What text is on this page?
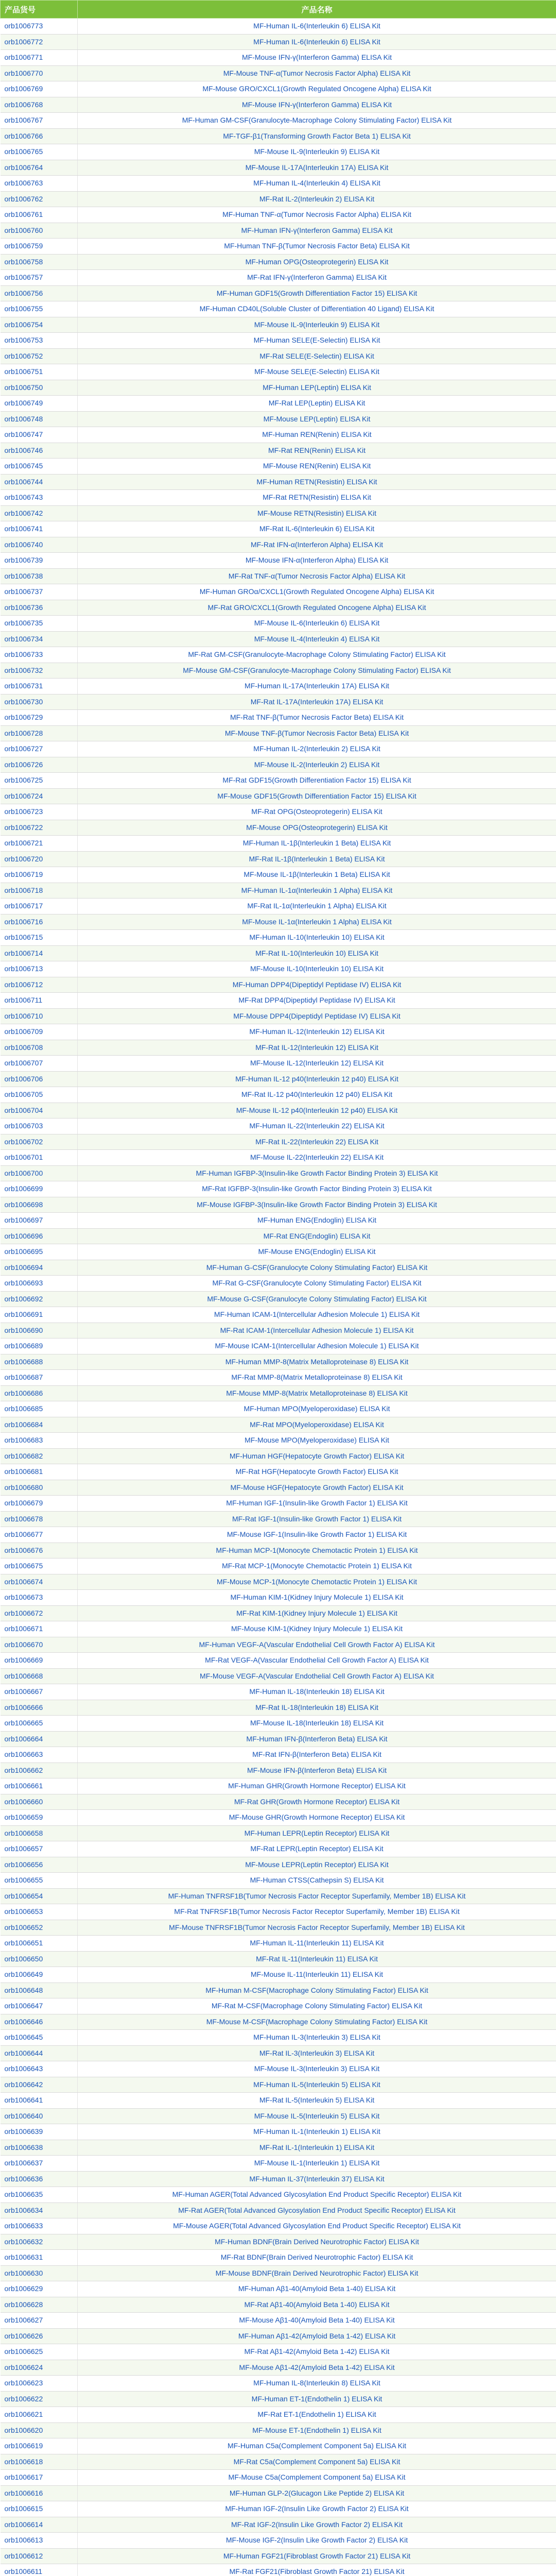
产品货号	产品名称
orb1006773	MF-Human IL-6(Interleukin 6) ELISA Kit
orb1006772	MF-Human IL-6(Interleukin 6) ELISA Kit
orb1006771	MF-Mouse IFN-γ(Interferon Gamma) ELISA Kit
orb1006770	MF-Mouse TNF-α(Tumor Necrosis Factor Alpha) ELISA Kit
orb1006769	MF-Mouse GRO/CXCL1(Growth Regulated Oncogene Alpha) ELISA Kit
orb1006768	MF-Mouse IFN-γ(Interferon Gamma) ELISA Kit
orb1006767	MF-Human GM-CSF(Granulocyte-Macrophage Colony Stimulating Factor) ELISA Kit
orb1006766	MF-TGF-β1(Transforming Growth Factor Beta 1) ELISA Kit
orb1006765	MF-Mouse IL-9(Interleukin 9) ELISA Kit
orb1006764	MF-Mouse IL-17A(Interleukin 17A) ELISA Kit
orb1006763	MF-Human IL-4(Interleukin 4) ELISA Kit
orb1006762	MF-Rat IL-2(Interleukin 2) ELISA Kit
orb1006761	MF-Human TNF-α(Tumor Necrosis Factor Alpha) ELISA Kit
orb1006760	MF-Human IFN-γ(Interferon Gamma) ELISA Kit
orb1006759	MF-Human TNF-β(Tumor Necrosis Factor Beta) ELISA Kit
orb1006758	MF-Human OPG(Osteoprotegerin) ELISA Kit
orb1006757	MF-Rat IFN-γ(Interferon Gamma) ELISA Kit
orb1006756	MF-Human GDF15(Growth Differentiation Factor 15) ELISA Kit
orb1006755	MF-Human CD40L(Soluble Cluster of Differentiation 40 Ligand) ELISA Kit
orb1006754	MF-Mouse IL-9(Interleukin 9) ELISA Kit
orb1006753	MF-Human SELE(E-Selectin) ELISA Kit
orb1006752	MF-Rat SELE(E-Selectin) ELISA Kit
orb1006751	MF-Mouse SELE(E-Selectin) ELISA Kit
orb1006750	MF-Human LEP(Leptin) ELISA Kit
orb1006749	MF-Rat LEP(Leptin) ELISA Kit
orb1006748	MF-Mouse LEP(Leptin) ELISA Kit
orb1006747	MF-Human REN(Renin) ELISA Kit
orb1006746	MF-Rat REN(Renin) ELISA Kit
orb1006745	MF-Mouse REN(Renin) ELISA Kit
orb1006744	MF-Human RETN(Resistin) ELISA Kit
orb1006743	MF-Rat RETN(Resistin) ELISA Kit
orb1006742	MF-Mouse RETN(Resistin) ELISA Kit
orb1006741	MF-Rat IL-6(Interleukin 6) ELISA Kit
orb1006740	MF-Rat IFN-α(Interferon Alpha) ELISA Kit
orb1006739	MF-Mouse IFN-α(Interferon Alpha) ELISA Kit
orb1006738	MF-Rat TNF-α(Tumor Necrosis Factor Alpha) ELISA Kit
orb1006737	MF-Human GROα/CXCL1(Growth Regulated Oncogene Alpha) ELISA Kit
orb1006736	MF-Rat GRO/CXCL1(Growth Regulated Oncogene Alpha) ELISA Kit
orb1006735	MF-Mouse IL-6(Interleukin 6) ELISA Kit
orb1006734	MF-Mouse IL-4(Interleukin 4) ELISA Kit
orb1006733	MF-Rat GM-CSF(Granulocyte-Macrophage Colony Stimulating Factor) ELISA Kit
orb1006732	MF-Mouse GM-CSF(Granulocyte-Macrophage Colony Stimulating Factor) ELISA Kit
orb1006731	MF-Human IL-17A(Interleukin 17A) ELISA Kit
orb1006730	MF-Rat IL-17A(Interleukin 17A) ELISA Kit
orb1006729	MF-Rat TNF-β(Tumor Necrosis Factor Beta) ELISA Kit
orb1006728	MF-Mouse TNF-β(Tumor Necrosis Factor Beta) ELISA Kit
orb1006727	MF-Human IL-2(Interleukin 2) ELISA Kit
orb1006726	MF-Mouse IL-2(Interleukin 2) ELISA Kit
orb1006725	MF-Rat GDF15(Growth Differentiation Factor 15) ELISA Kit
orb1006724	MF-Mouse GDF15(Growth Differentiation Factor 15) ELISA Kit
orb1006723	MF-Rat OPG(Osteoprotegerin) ELISA Kit
orb1006722	MF-Mouse OPG(Osteoprotegerin) ELISA Kit
orb1006721	MF-Human IL-1β(Interleukin 1 Beta) ELISA Kit
orb1006720	MF-Rat IL-1β(Interleukin 1 Beta) ELISA Kit
orb1006719	MF-Mouse IL-1β(Interleukin 1 Beta) ELISA Kit
orb1006718	MF-Human IL-1α(Interleukin 1 Alpha) ELISA Kit
orb1006717	MF-Rat IL-1α(Interleukin 1 Alpha) ELISA Kit
orb1006716	MF-Mouse IL-1α(Interleukin 1 Alpha) ELISA Kit
orb1006715	MF-Human IL-10(Interleukin 10) ELISA Kit
orb1006714	MF-Rat IL-10(Interleukin 10) ELISA Kit
orb1006713	MF-Mouse IL-10(Interleukin 10) ELISA Kit
orb1006712	MF-Human DPP4(Dipeptidyl Peptidase IV) ELISA Kit
orb1006711	MF-Rat DPP4(Dipeptidyl Peptidase IV) ELISA Kit
orb1006710	MF-Mouse DPP4(Dipeptidyl Peptidase IV) ELISA Kit
orb1006709	MF-Human IL-12(Interleukin 12) ELISA Kit
orb1006708	MF-Rat IL-12(Interleukin 12) ELISA Kit
orb1006707	MF-Mouse IL-12(Interleukin 12) ELISA Kit
orb1006706	MF-Human IL-12 p40(Interleukin 12 p40) ELISA Kit
orb1006705	MF-Rat IL-12 p40(Interleukin 12 p40) ELISA Kit
orb1006704	MF-Mouse IL-12 p40(Interleukin 12 p40) ELISA Kit
orb1006703	MF-Human IL-22(Interleukin 22) ELISA Kit
orb1006702	MF-Rat IL-22(Interleukin 22) ELISA Kit
orb1006701	MF-Mouse IL-22(Interleukin 22) ELISA Kit
orb1006700	MF-Human IGFBP-3(Insulin-like Growth Factor Binding Protein 3) ELISA Kit
orb1006699	MF-Rat IGFBP-3(Insulin-like Growth Factor Binding Protein 3) ELISA Kit
orb1006698	MF-Mouse IGFBP-3(Insulin-like Growth Factor Binding Protein 3) ELISA Kit
orb1006697	MF-Human ENG(Endoglin) ELISA Kit
orb1006696	MF-Rat ENG(Endoglin) ELISA Kit
orb1006695	MF-Mouse ENG(Endoglin) ELISA Kit
orb1006694	MF-Human G-CSF(Granulocyte Colony Stimulating Factor) ELISA Kit
orb1006693	MF-Rat G-CSF(Granulocyte Colony Stimulating Factor) ELISA Kit
orb1006692	MF-Mouse G-CSF(Granulocyte Colony Stimulating Factor) ELISA Kit
orb1006691	MF-Human ICAM-1(Intercellular Adhesion Molecule 1) ELISA Kit
orb1006690	MF-Rat ICAM-1(Intercellular Adhesion Molecule 1) ELISA Kit
orb1006689	MF-Mouse ICAM-1(Intercellular Adhesion Molecule 1) ELISA Kit
orb1006688	MF-Human MMP-8(Matrix Metalloproteinase 8) ELISA Kit
orb1006687	MF-Rat MMP-8(Matrix Metalloproteinase 8) ELISA Kit
orb1006686	MF-Mouse MMP-8(Matrix Metalloproteinase 8) ELISA Kit
orb1006685	MF-Human MPO(Myeloperoxidase) ELISA Kit
orb1006684	MF-Rat MPO(Myeloperoxidase) ELISA Kit
orb1006683	MF-Mouse MPO(Myeloperoxidase) ELISA Kit
orb1006682	MF-Human HGF(Hepatocyte Growth Factor) ELISA Kit
orb1006681	MF-Rat HGF(Hepatocyte Growth Factor) ELISA Kit
orb1006680	MF-Mouse HGF(Hepatocyte Growth Factor) ELISA Kit
orb1006679	MF-Human IGF-1(Insulin-like Growth Factor 1) ELISA Kit
orb1006678	MF-Rat IGF-1(Insulin-like Growth Factor 1) ELISA Kit
orb1006677	MF-Mouse IGF-1(Insulin-like Growth Factor 1) ELISA Kit
orb1006676	MF-Human MCP-1(Monocyte Chemotactic Protein 1) ELISA Kit
orb1006675	MF-Rat MCP-1(Monocyte Chemotactic Protein 1) ELISA Kit
orb1006674	MF-Mouse MCP-1(Monocyte Chemotactic Protein 1) ELISA Kit
orb1006673	MF-Human KIM-1(Kidney Injury Molecule 1) ELISA Kit
orb1006672	MF-Rat KIM-1(Kidney Injury Molecule 1) ELISA Kit
orb1006671	MF-Mouse KIM-1(Kidney Injury Molecule 1) ELISA Kit
orb1006670	MF-Human VEGF-A(Vascular Endothelial Cell Growth Factor A) ELISA Kit
orb1006669	MF-Rat VEGF-A(Vascular Endothelial Cell Growth Factor A) ELISA Kit
orb1006668	MF-Mouse VEGF-A(Vascular Endothelial Cell Growth Factor A) ELISA Kit
orb1006667	MF-Human IL-18(Interleukin 18) ELISA Kit
orb1006666	MF-Rat IL-18(Interleukin 18) ELISA Kit
orb1006665	MF-Mouse IL-18(Interleukin 18) ELISA Kit
orb1006664	MF-Human IFN-β(Interferon Beta) ELISA Kit
orb1006663	MF-Rat IFN-β(Interferon Beta) ELISA Kit
orb1006662	MF-Mouse IFN-β(Interferon Beta) ELISA Kit
orb1006661	MF-Human GHR(Growth Hormone Receptor) ELISA Kit
orb1006660	MF-Rat GHR(Growth Hormone Receptor) ELISA Kit
orb1006659	MF-Mouse GHR(Growth Hormone Receptor) ELISA Kit
orb1006658	MF-Human LEPR(Leptin Receptor) ELISA Kit
orb1006657	MF-Rat LEPR(Leptin Receptor) ELISA Kit
orb1006656	MF-Mouse LEPR(Leptin Receptor) ELISA Kit
orb1006655	MF-Human CTSS(Cathepsin S) ELISA Kit
orb1006654	MF-Human TNFRSF1B(Tumor Necrosis Factor Receptor Superfamily, Member 1B) ELISA Kit
orb1006653	MF-Rat TNFRSF1B(Tumor Necrosis Factor Receptor Superfamily, Member 1B) ELISA Kit
orb1006652	MF-Mouse TNFRSF1B(Tumor Necrosis Factor Receptor Superfamily, Member 1B) ELISA Kit
orb1006651	MF-Human IL-11(Interleukin 11) ELISA Kit
orb1006650	MF-Rat IL-11(Interleukin 11) ELISA Kit
orb1006649	MF-Mouse IL-11(Interleukin 11) ELISA Kit
orb1006648	MF-Human M-CSF(Macrophage Colony Stimulating Factor) ELISA Kit
orb1006647	MF-Rat M-CSF(Macrophage Colony Stimulating Factor) ELISA Kit
orb1006646	MF-Mouse M-CSF(Macrophage Colony Stimulating Factor) ELISA Kit
orb1006645	MF-Human IL-3(Interleukin 3) ELISA Kit
orb1006644	MF-Rat IL-3(Interleukin 3) ELISA Kit
orb1006643	MF-Mouse IL-3(Interleukin 3) ELISA Kit
orb1006642	MF-Human IL-5(Interleukin 5) ELISA Kit
orb1006641	MF-Rat IL-5(Interleukin 5) ELISA Kit
orb1006640	MF-Mouse IL-5(Interleukin 5) ELISA Kit
orb1006639	MF-Human IL-1(Interleukin 1) ELISA Kit
orb1006638	MF-Rat IL-1(Interleukin 1) ELISA Kit
orb1006637	MF-Mouse IL-1(Interleukin 1) ELISA Kit
orb1006636	MF-Human IL-37(Interleukin 37) ELISA Kit
orb1006635	MF-Human AGER(Total Advanced Glycosylation End Product Specific Receptor) ELISA Kit
orb1006634	MF-Rat AGER(Total Advanced Glycosylation End Product Specific Receptor) ELISA Kit
orb1006633	MF-Mouse AGER(Total Advanced Glycosylation End Product Specific Receptor) ELISA Kit
orb1006632	MF-Human BDNF(Brain Derived Neurotrophic Factor) ELISA Kit
orb1006631	MF-Rat BDNF(Brain Derived Neurotrophic Factor) ELISA Kit
orb1006630	MF-Mouse BDNF(Brain Derived Neurotrophic Factor) ELISA Kit
orb1006629	MF-Human Aβ1-40(Amyloid Beta 1-40) ELISA Kit
orb1006628	MF-Rat Aβ1-40(Amyloid Beta 1-40) ELISA Kit
orb1006627	MF-Mouse Aβ1-40(Amyloid Beta 1-40) ELISA Kit
orb1006626	MF-Human Aβ1-42(Amyloid Beta 1-42) ELISA Kit
orb1006625	MF-Rat Aβ1-42(Amyloid Beta 1-42) ELISA Kit
orb1006624	MF-Mouse Aβ1-42(Amyloid Beta 1-42) ELISA Kit
orb1006623	MF-Human IL-8(Interleukin 8) ELISA Kit
orb1006622	MF-Human ET-1(Endothelin 1) ELISA Kit
orb1006621	MF-Rat ET-1(Endothelin 1) ELISA Kit
orb1006620	MF-Mouse ET-1(Endothelin 1) ELISA Kit
orb1006619	MF-Human C5a(Complement Component 5a) ELISA Kit
orb1006618	MF-Rat C5a(Complement Component 5a) ELISA Kit
orb1006617	MF-Mouse C5a(Complement Component 5a) ELISA Kit
orb1006616	MF-Human GLP-2(Glucagon Like Peptide 2) ELISA Kit
orb1006615	MF-Human IGF-2(Insulin Like Growth Factor 2) ELISA Kit
orb1006614	MF-Rat IGF-2(Insulin Like Growth Factor 2) ELISA Kit
orb1006613	MF-Mouse IGF-2(Insulin Like Growth Factor 2) ELISA Kit
orb1006612	MF-Human FGF21(Fibroblast Growth Factor 21) ELISA Kit
orb1006611	MF-Rat FGF21(Fibroblast Growth Factor 21) ELISA Kit
